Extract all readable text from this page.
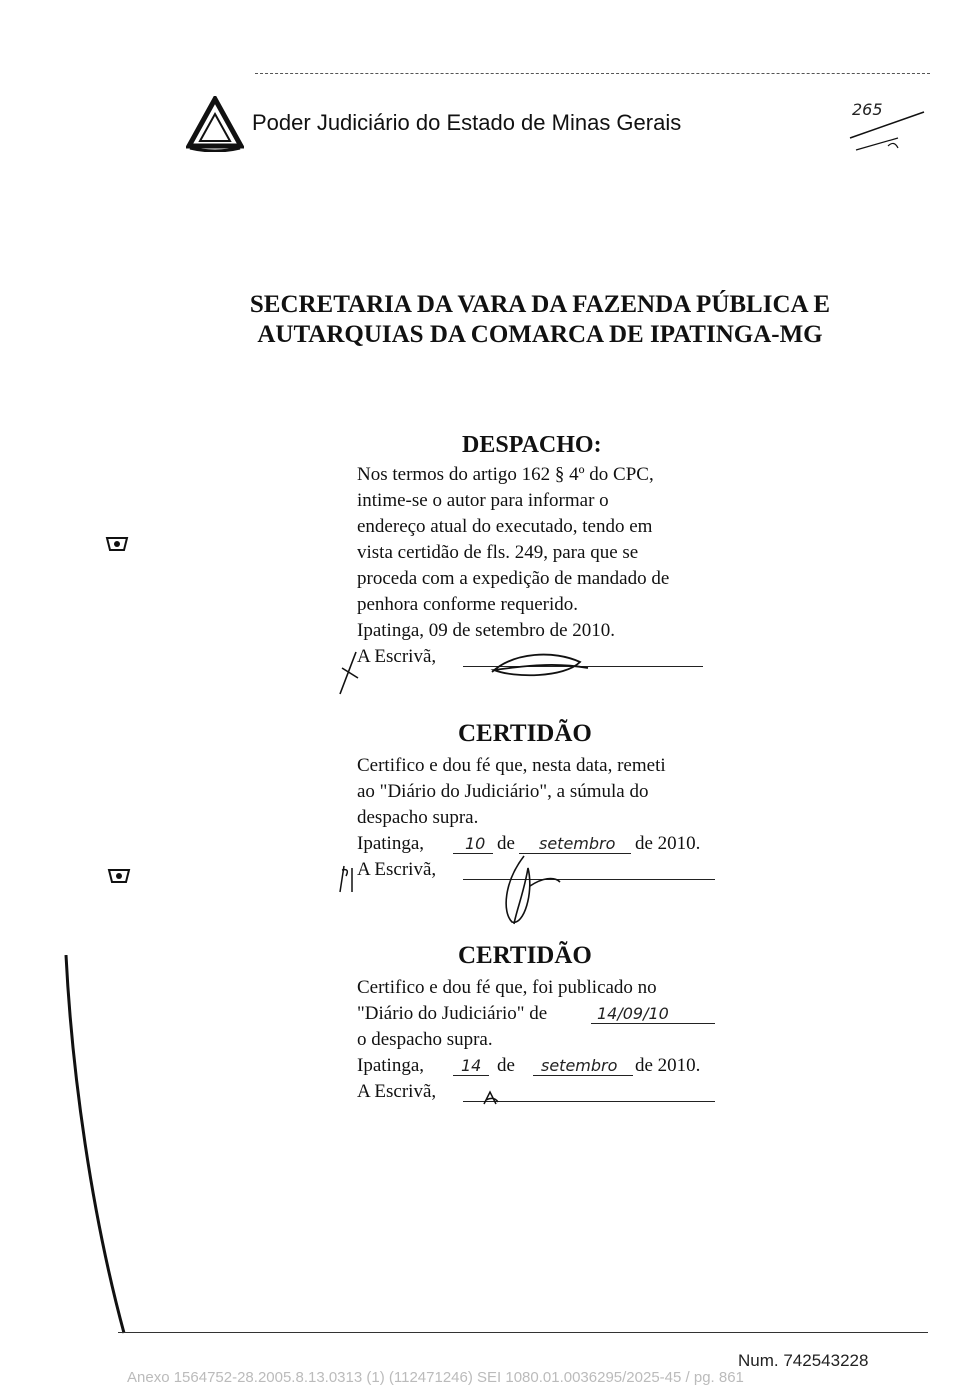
Poder Judiciário do Estado de Minas Gerais
265
SECRETARIA DA VARA DA FAZENDA PÚBLICA E
AUTARQUIAS DA COMARCA DE IPATINGA-MG
DESPACHO:
Nos termos do artigo 162 § 4º do CPC,
intime-se o autor para informar o
endereço atual do executado, tendo em
vista certidão de fls. 249, para que se
proceda com a expedição de mandado de
penhora conforme requerido.
Ipatinga, 09 de setembro de 2010.
A Escrivã,
CERTIDÃO
Certifico e dou fé que, nesta data, remeti
ao "Diário do Judiciário", a súmula do
despacho supra.
Ipatinga,	10 de setembro de 2010.
A Escrivã,
CERTIDÃO
Certifico e dou fé que, foi publicado no
"Diário do Judiciário" de	14/09/10
o despacho supra.
Ipatinga, 14 de setembro de 2010.
A Escrivã,
Num. 742543228
Anexo 1564752-28.2005.8.13.0313 (1) (112471246) SEI 1080.01.0036295/2025-45 / pg. 861
